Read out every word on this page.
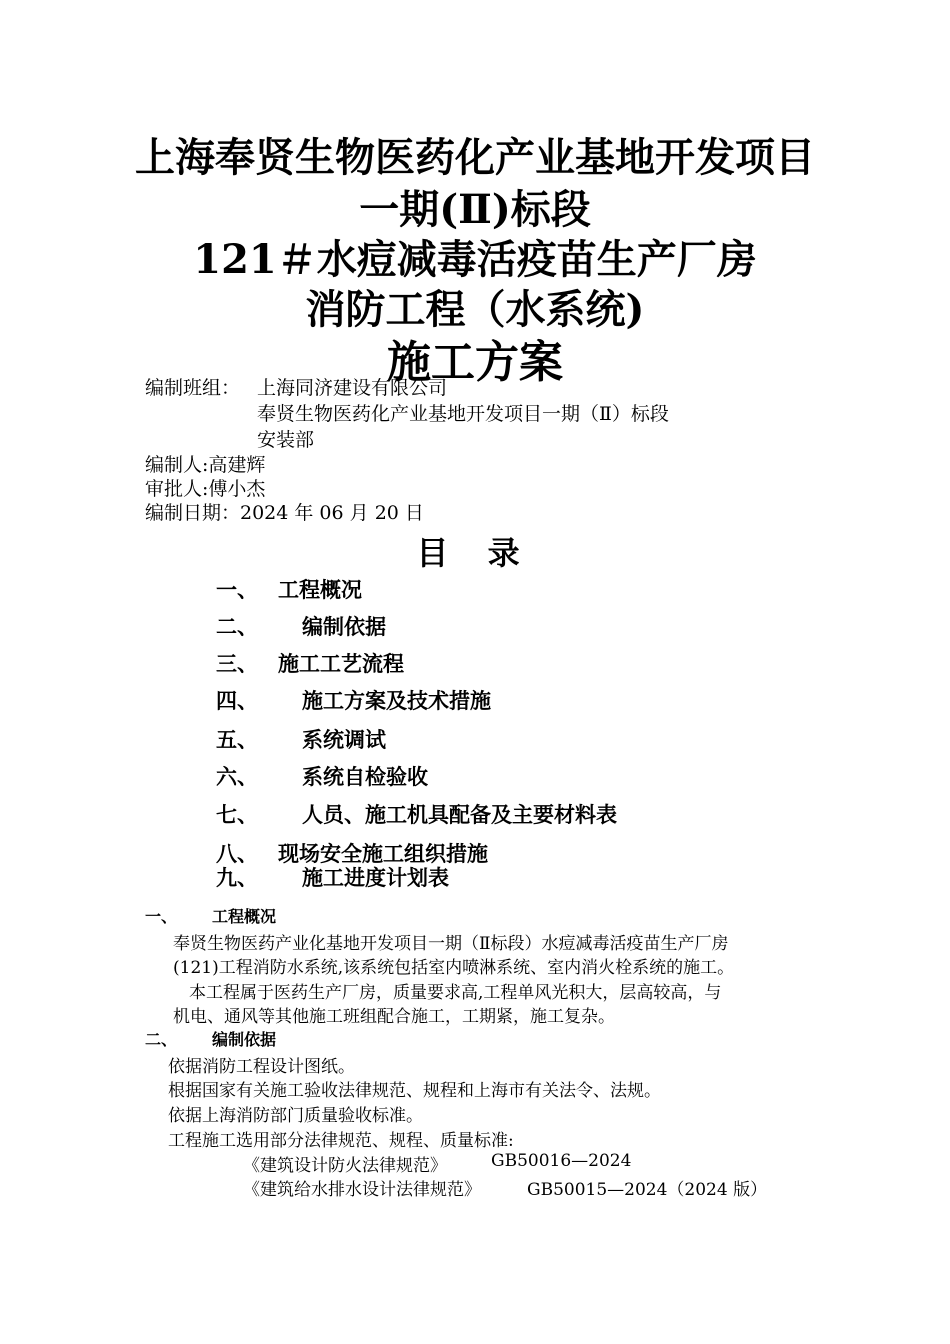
上海奉贤生物医药化产业基地开发项目
一期(Ⅱ)标段
121＃水痘减毒活疫苗生产厂房
消防工程（水系统)
施工方案
编制班组： 上海同济建设有限公司
奉贤生物医药化产业基地开发项目一期（Ⅱ）标段
安装部
编制人:高建辉
审批人:傅小杰
编制日期：2024 年 06 月 20 日
目 录
一、 工程概况
二、 编制依据
三、 施工工艺流程
四、 施工方案及技术措施
五、 系统调试
六、 系统自检验收
七、 人员、施工机具配备及主要材料表
八、 现场安全施工组织措施
九、 施工进度计划表
一、 工程概况
奉贤生物医药产业化基地开发项目一期（Ⅱ标段）水痘减毒活疫苗生产厂房
(121)工程消防水系统,该系统包括室内喷淋系统、室内消火栓系统的施工。
本工程属于医药生产厂房，质量要求高,工程单风光积大，层高较高，与
机电、通风等其他施工班组配合施工，工期紧，施工复杂。
二、 编制依据
依据消防工程设计图纸。
根据国家有关施工验收法律规范、规程和上海市有关法令、法规。
依据上海消防部门质量验收标准。
工程施工选用部分法律规范、规程、质量标准:
《建筑设计防火法律规范》	GB50016—2024
《建筑给水排水设计法律规范》	GB50015—2024（2024 版）
